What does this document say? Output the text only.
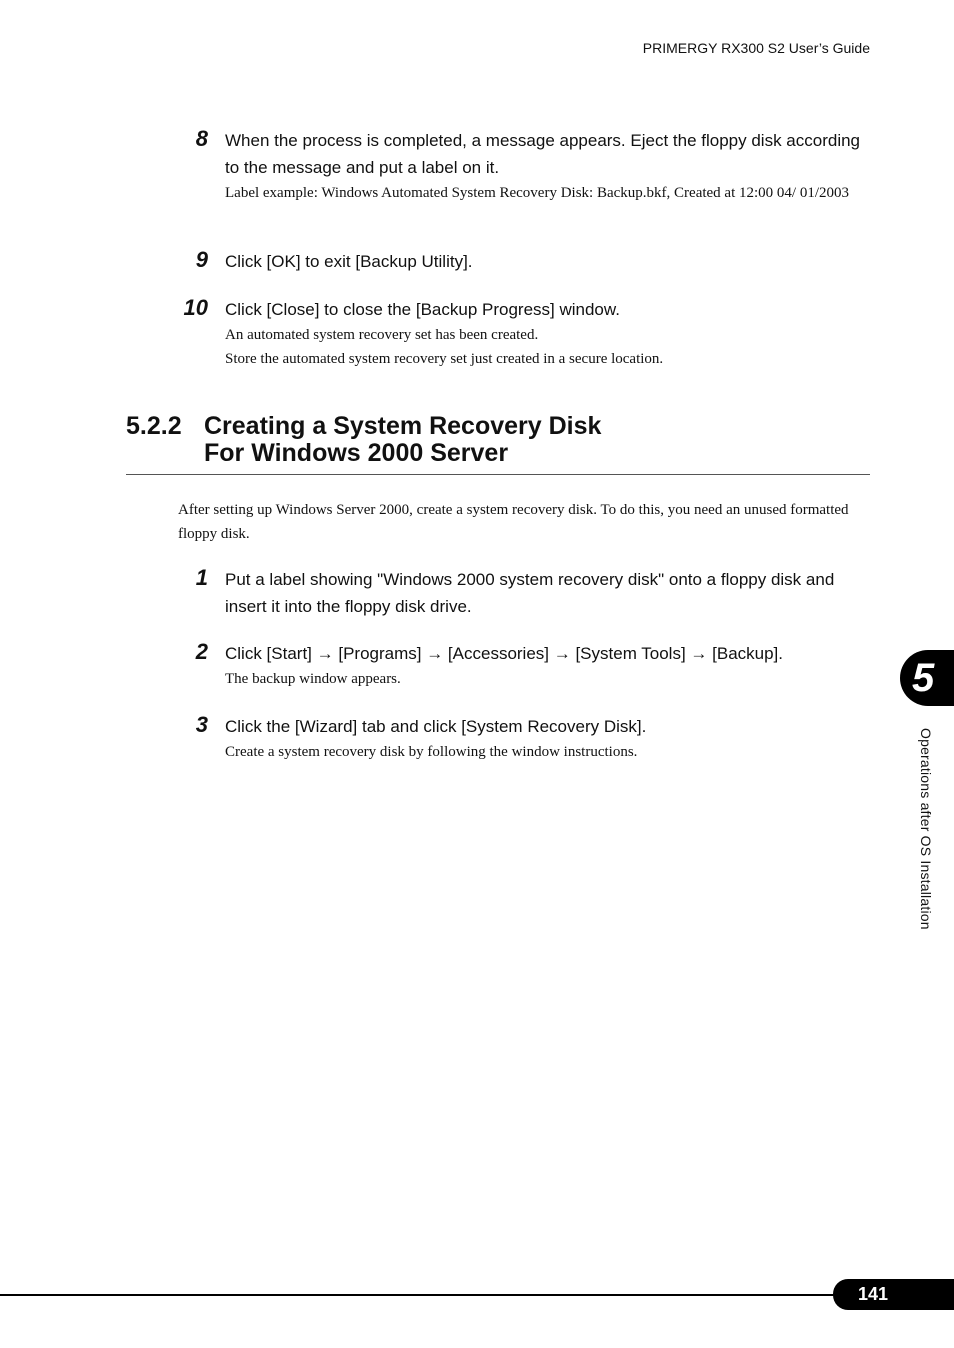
PRIMERGY RX300 S2 User’s Guide
8 When the process is completed, a message appears. Eject the floppy disk according to the message and put a label on it.
Label example: Windows Automated System Recovery Disk: Backup.bkf, Created at 12:00 04/ 01/2003
9 Click [OK] to exit [Backup Utility].
10 Click [Close] to close the [Backup Progress] window.
An automated system recovery set has been created.
Store the automated system recovery set just created in a secure location.
5.2.2 Creating a System Recovery Disk
For Windows 2000 Server
After setting up Windows Server 2000, create a system recovery disk. To do this, you need an unused formatted floppy disk.
1 Put a label showing "Windows 2000 system recovery disk" onto a floppy disk and insert it into the floppy disk drive.
2 Click [Start] → [Programs] → [Accessories] → [System Tools] → [Backup].
The backup window appears.
3 Click the [Wizard] tab and click [System Recovery Disk].
Create a system recovery disk by following the window instructions.
5
Operations after OS Installation
141
